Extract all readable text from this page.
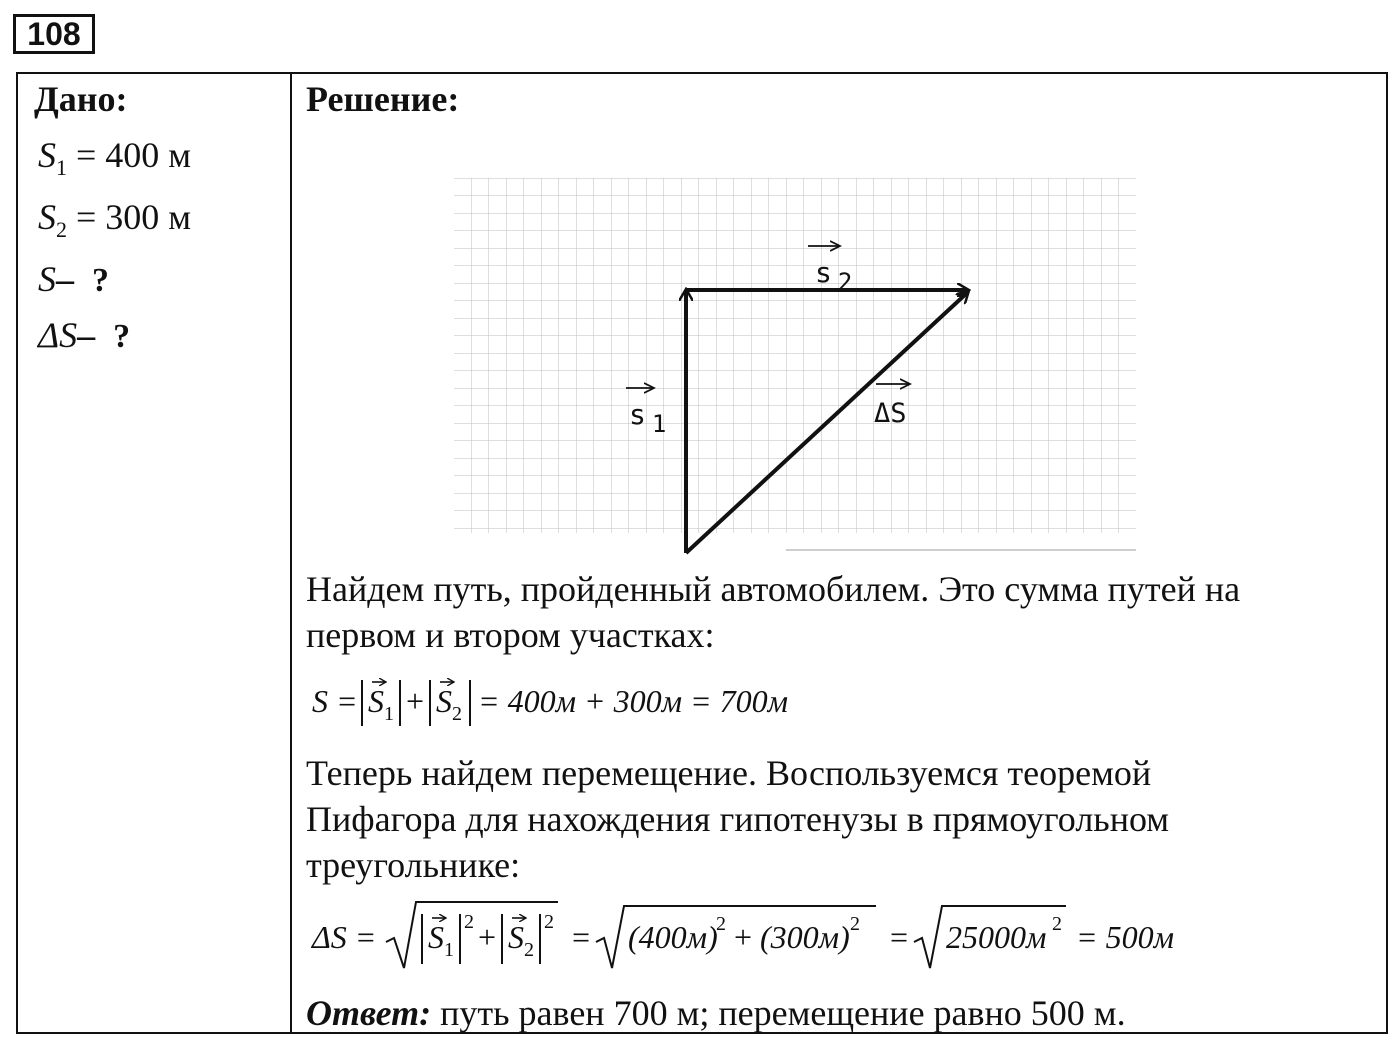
108
Дано:
$S_1 = 400$ м
$S_2 = 300$ м
S– ?
ΔS– ?
Решение:
s 2
s 1	ΔS
Найдем путь, пройденный автомобилем. Это сумма путей на
первом и втором участках:
$S = S_1 + S_2 = 400м + 300м = 700м$
Теперь найдем перемещение. Воспользуемся теоремой
Пифагора для нахождения гипотенузы в прямоугольном
треугольнике:
$\Delta S = S_1$
$2 + S_2$
2 = (400м)
2 + (300м) 2 = 25000м 2 = 500м
Ответ: путь равен 700 м; перемещение равно 500 м.
